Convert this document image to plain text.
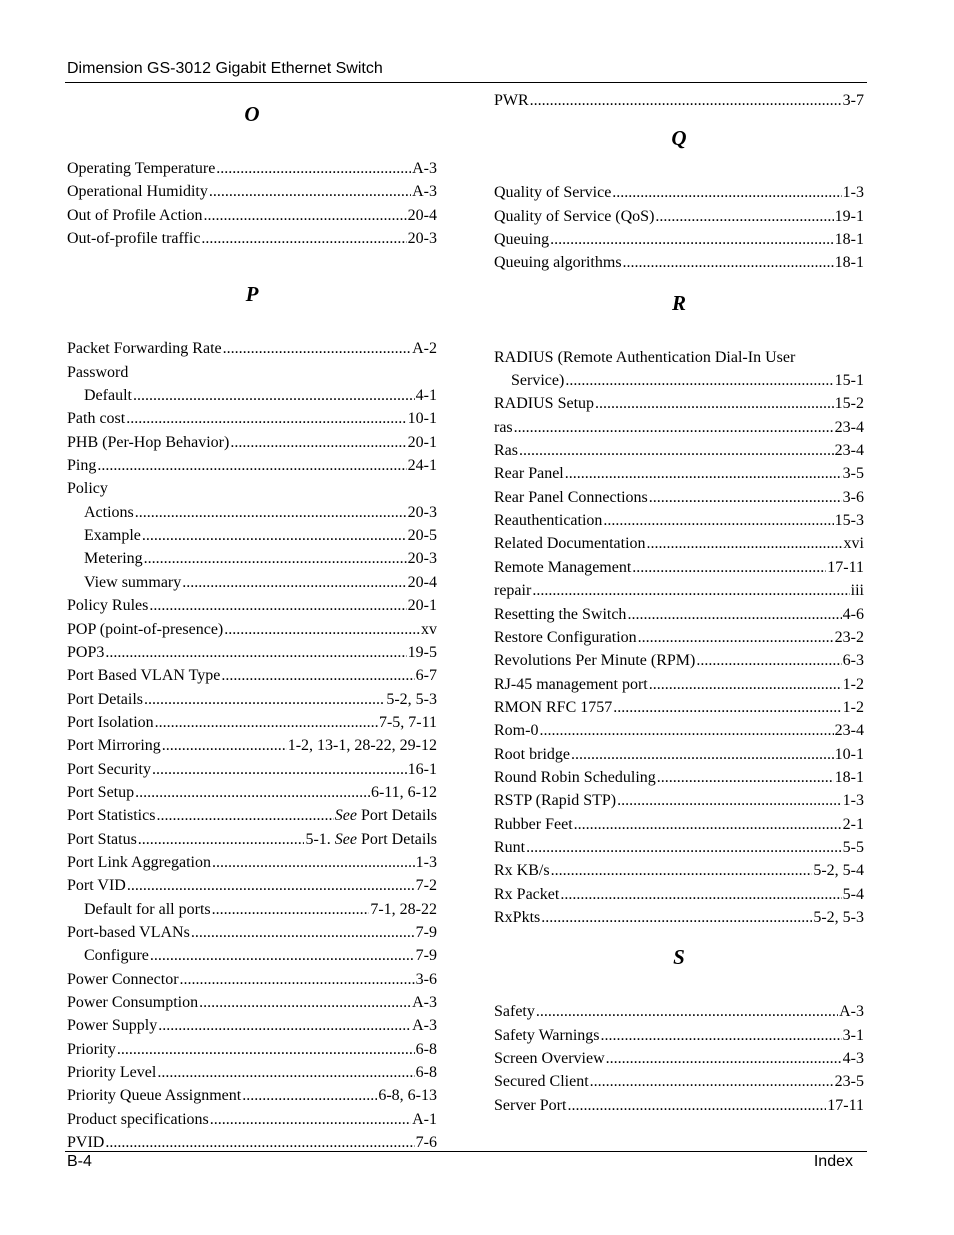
Dimension GS-3012 Gigabit Ethernet Switch
O
Operating Temperature .....	A-3
Operational Humidity .....	A-3
Out of Profile Action .....	20-4
Out-of-profile traffic .....	20-3
P
Packet Forwarding Rate .....	A-2
Password
Default .....	4-1
Path cost .....	10-1
PHB (Per-Hop Behavior) .....	20-1
Ping .....	24-1
Policy
Actions .....	20-3
Example .....	20-5
Metering .....	20-3
View summary .....	20-4
Policy Rules .....	20-1
POP (point-of-presence) .....	xv
POP3 .....	19-5
Port Based VLAN Type .....	6-7
Port Details .....	5-2, 5-3
Port Isolation .....	7-5, 7-11
Port Mirroring .....	1-2, 13-1, 28-22, 29-12
Port Security .....	16-1
Port Setup .....	6-11, 6-12
Port Statistics .....	See Port Details
Port Status .....	5-1. See Port Details
Port Link Aggregation .....	1-3
Port VID .....	7-2
Default for all ports .....	7-1, 28-22
Port-based VLANs .....	7-9
Configure .....	7-9
Power Connector .....	3-6
Power Consumption .....	A-3
Power Supply .....	A-3
Priority .....	6-8
Priority Level .....	6-8
Priority Queue Assignment .....	6-8, 6-13
Product specifications .....	A-1
PVID .....	7-6
PWR .....	3-7
Q
Quality of Service .....	1-3
Quality of Service (QoS) .....	19-1
Queuing .....	18-1
Queuing algorithms .....	18-1
R
RADIUS (Remote Authentication Dial-In User
Service) .....	15-1
RADIUS Setup .....	15-2
ras .....	23-4
Ras .....	23-4
Rear Panel .....	3-5
Rear Panel Connections .....	3-6
Reauthentication .....	15-3
Related Documentation .....	xvi
Remote Management .....	17-11
repair .....	iii
Resetting the Switch .....	4-6
Restore Configuration .....	23-2
Revolutions Per Minute (RPM) .....	6-3
RJ-45 management port .....	1-2
RMON RFC 1757 .....	1-2
Rom-0 .....	23-4
Root bridge .....	10-1
Round Robin Scheduling .....	18-1
RSTP (Rapid STP) .....	1-3
Rubber Feet .....	2-1
Runt .....	5-5
Rx KB/s .....	5-2, 5-4
Rx Packet .....	5-4
RxPkts .....	5-2, 5-3
S
Safety .....	A-3
Safety Warnings .....	3-1
Screen Overview .....	4-3
Secured Client .....	23-5
Server Port .....	17-11
B-4	Index
